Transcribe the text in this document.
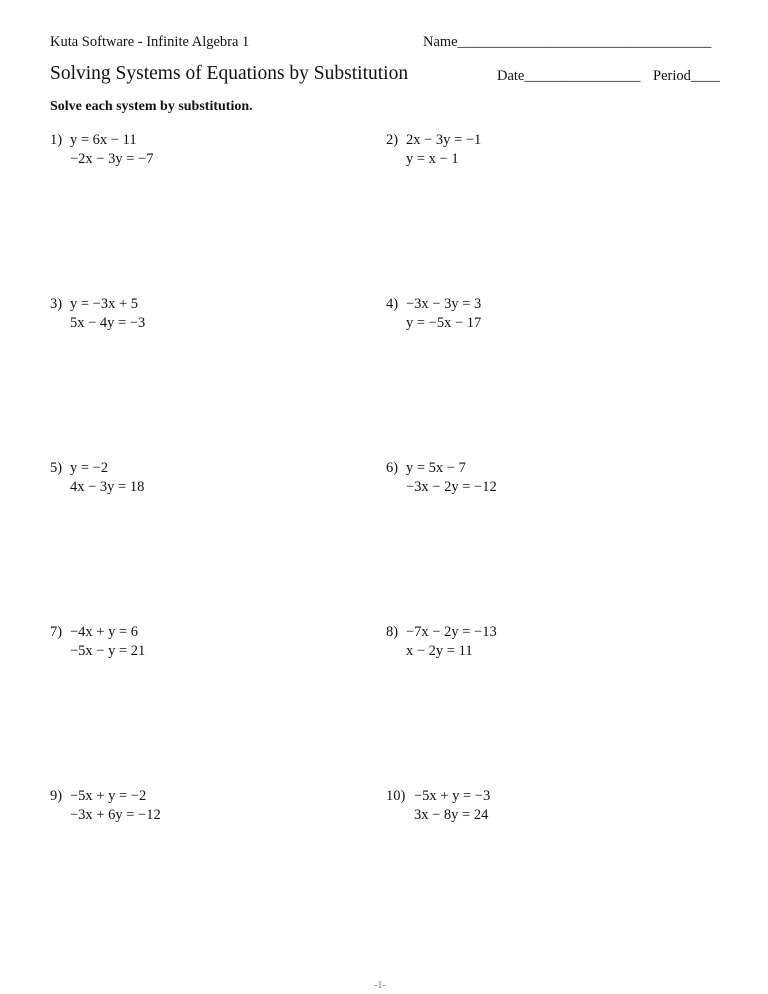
Kuta Software - Infinite Algebra 1	Name___________________________________
Solving Systems of Equations by Substitution	Date________________ Period____
Solve each system by substitution.
1) y = 6x − 11
−2x − 3y = −7
2) 2x − 3y = −1
y = x − 1
3) y = −3x + 5
5x − 4y = −3
4) −3x − 3y = 3
y = −5x − 17
5) y = −2
4x − 3y = 18
6) y = 5x − 7
−3x − 2y = −12
7) −4x + y = 6
−5x − y = 21
8) −7x − 2y = −13
x − 2y = 11
9) −5x + y = −2
−3x + 6y = −12
10) −5x + y = −3
3x − 8y = 24
-1-
